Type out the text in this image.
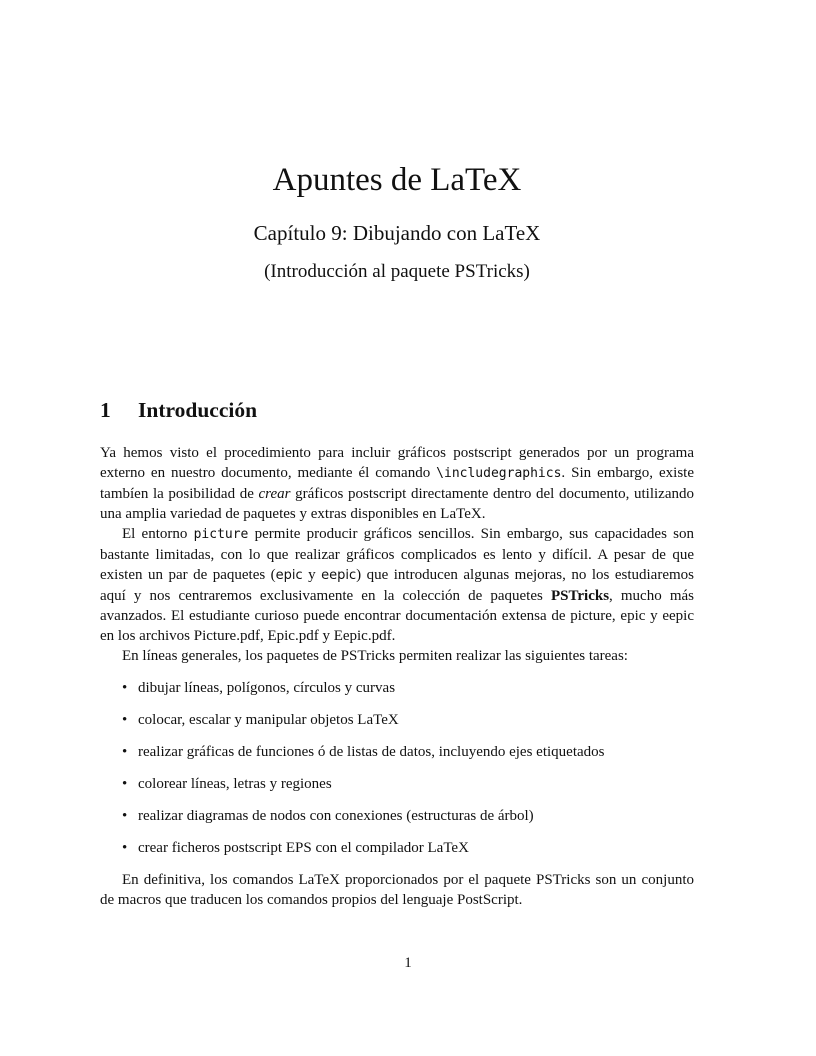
Apuntes de LaTeX
Capítulo 9: Dibujando con LaTeX
(Introducción al paquete PSTricks)
1 Introducción

Ya hemos visto el procedimiento para incluir gráficos postscript generados por un programa externo en nuestro documento, mediante él comando \includegraphics. Sin embargo, existe tambíen la posibilidad de crear gráficos postscript directamente dentro del documento, utilizando una amplia variedad de paquetes y extras disponibles en LaTeX.

El entorno picture permite producir gráficos sencillos. Sin embargo, sus capacidades son bastante limitadas, con lo que realizar gráficos complicados es lento y difícil. A pesar de que existen un par de paquetes (epic y eepic) que introducen algunas mejoras, no los estudiaremos aquí y nos centraremos exclusivamente en la colección de paquetes PSTricks, mucho más avanzados. El estudiante curioso puede encontrar documentación extensa de picture, epic y eepic en los archivos Picture.pdf, Epic.pdf y Eepic.pdf.

En líneas generales, los paquetes de PSTricks permiten realizar las siguientes tareas:

• dibujar líneas, polígonos, círculos y curvas
• colocar, escalar y manipular objetos LaTeX
• realizar gráficas de funciones ó de listas de datos, incluyendo ejes etiquetados
• colorear líneas, letras y regiones
• realizar diagramas de nodos con conexiones (estructuras de árbol)
• crear ficheros postscript EPS con el compilador LaTeX

En definitiva, los comandos LaTeX proporcionados por el paquete PSTricks son un conjunto de macros que traducen los comandos propios del lenguaje PostScript.

1
